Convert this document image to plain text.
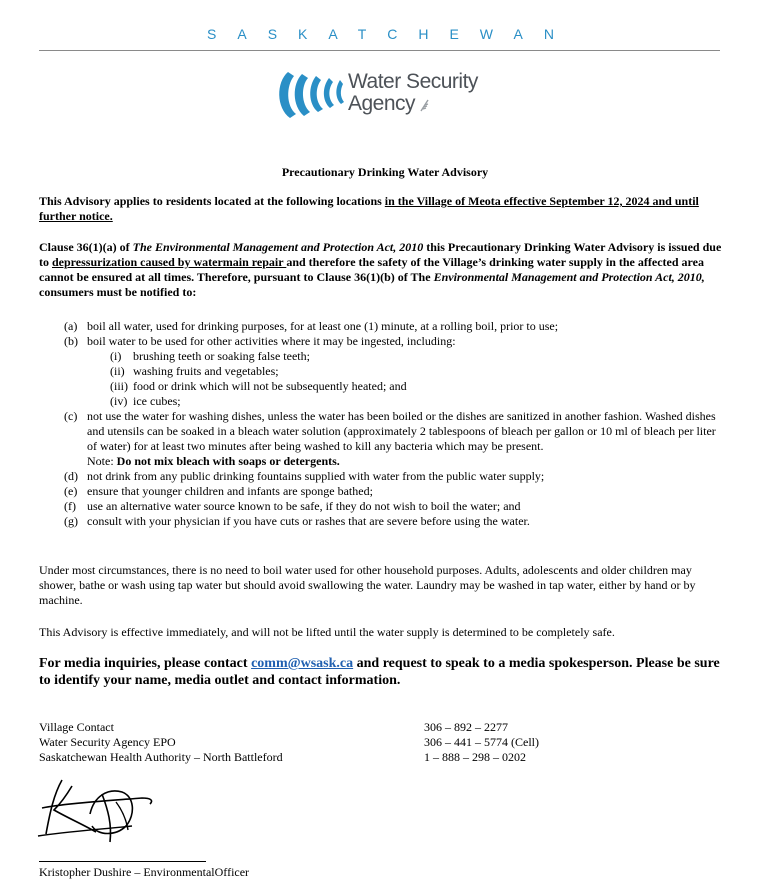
SASKATCHEWAN
Water Security
Agency
Precautionary Drinking Water Advisory
This Advisory applies to residents located at the following locations in the Village of Meota effective September 12, 2024 and until further notice.
Clause 36(1)(a) of The Environmental Management and Protection Act, 2010 this Precautionary Drinking Water Advisory is issued due to depressurization caused by watermain repair and therefore the safety of the Village’s drinking water supply in the affected area cannot be ensured at all times. Therefore, pursuant to Clause 36(1)(b) of The Environmental Management and Protection Act, 2010, consumers must be notified to:
(a) boil all water, used for drinking purposes, for at least one (1) minute, at a rolling boil, prior to use;
(b) boil water to be used for other activities where it may be ingested, including:
(i) brushing teeth or soaking false teeth;
(ii) washing fruits and vegetables;
(iii) food or drink which will not be subsequently heated; and
(iv) ice cubes;
(c) not use the water for washing dishes, unless the water has been boiled or the dishes are sanitized in another fashion. Washed dishes and utensils can be soaked in a bleach water solution (approximately 2 tablespoons of bleach per gallon or 10 ml of bleach per liter of water) for at least two minutes after being washed to kill any bacteria which may be present.
Note: Do not mix bleach with soaps or detergents.
(d) not drink from any public drinking fountains supplied with water from the public water supply;
(e) ensure that younger children and infants are sponge bathed;
(f) use an alternative water source known to be safe, if they do not wish to boil the water; and
(g) consult with your physician if you have cuts or rashes that are severe before using the water.
Under most circumstances, there is no need to boil water used for other household purposes. Adults, adolescents and older children may shower, bathe or wash using tap water but should avoid swallowing the water. Laundry may be washed in tap water, either by hand or by machine.
This Advisory is effective immediately, and will not be lifted until the water supply is determined to be completely safe.
For media inquiries, please contact comm@wsask.ca and request to speak to a media spokesperson. Please be sure to identify your name, media outlet and contact information.
Village Contact	306 – 892 – 2277
Water Security Agency EPO	306 – 441 – 5774 (Cell)
Saskatchewan Health Authority – North Battleford	1 – 888 – 298 – 0202
Kristopher Dushire – EnvironmentalOfficer
